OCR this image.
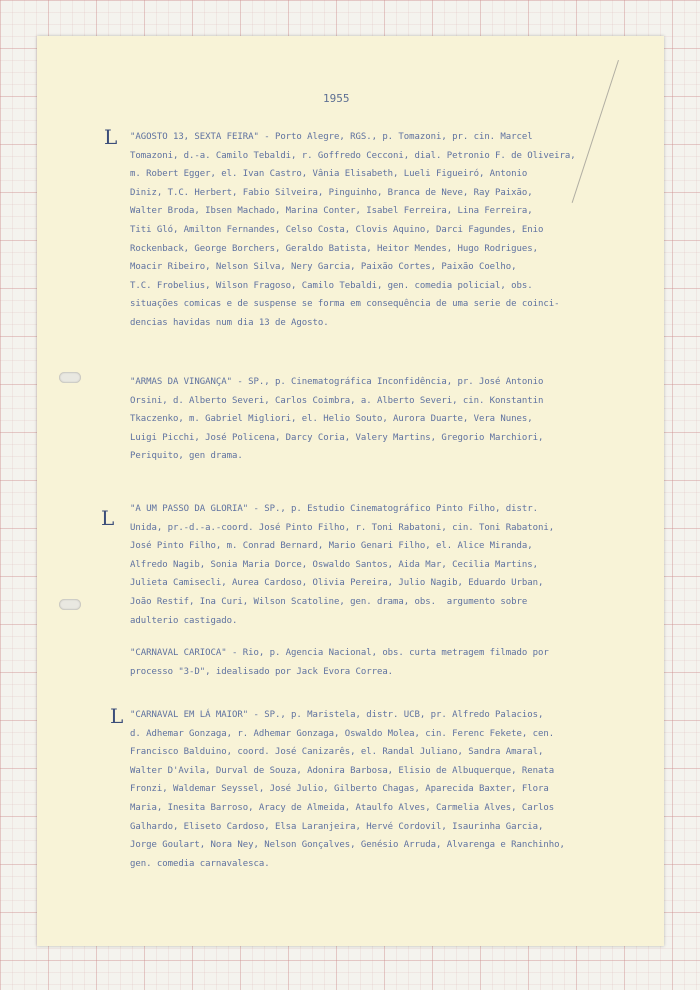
1955
L
L
L
"AGOSTO 13, SEXTA FEIRA" - Porto Alegre, RGS., p. Tomazoni, pr. cin. Marcel
Tomazoni, d.-a. Camilo Tebaldi, r. Goffredo Cecconi, dial. Petronio F. de Oliveira,
m. Robert Egger, el. Ivan Castro, Vânia Elisabeth, Lueli Figueiró, Antonio
Diniz, T.C. Herbert, Fabio Silveira, Pinguinho, Branca de Neve, Ray Paixão,
Walter Broda, Ibsen Machado, Marina Conter, Isabel Ferreira, Lina Ferreira,
Titi Gló, Amilton Fernandes, Celso Costa, Clovis Aquino, Darci Fagundes, Enio
Rockenback, George Borchers, Geraldo Batista, Heitor Mendes, Hugo Rodrigues,
Moacir Ribeiro, Nelson Silva, Nery Garcia, Paixão Cortes, Paixão Coelho,
T.C. Frobelius, Wilson Fragoso, Camilo Tebaldi, gen. comedia policial, obs.
situações comicas e de suspense se forma em consequência de uma serie de coinci-
dencias havidas num dia 13 de Agosto.
"ARMAS DA VINGANÇA" - SP., p. Cinematográfica Inconfidência, pr. José Antonio
Orsini, d. Alberto Severi, Carlos Coimbra, a. Alberto Severi, cin. Konstantin
Tkaczenko, m. Gabriel Migliori, el. Helio Souto, Aurora Duarte, Vera Nunes,
Luigi Picchi, José Policena, Darcy Coria, Valery Martins, Gregorio Marchiori,
Periquito, gen drama.
"A UM PASSO DA GLORIA" - SP., p. Estudio Cinematográfico Pinto Filho, distr.
Unida, pr.-d.-a.-coord. José Pinto Filho, r. Toni Rabatoni, cin. Toni Rabatoni,
José Pinto Filho, m. Conrad Bernard, Mario Genari Filho, el. Alice Miranda,
Alfredo Nagib, Sonia Maria Dorce, Oswaldo Santos, Aida Mar, Cecilia Martins,
Julieta Camisecli, Aurea Cardoso, Olivia Pereira, Julio Nagib, Eduardo Urban,
João Restif, Ina Curi, Wilson Scatoline, gen. drama, obs.  argumento sobre
adulterio castigado.
"CARNAVAL CARIOCA" - Rio, p. Agencia Nacional, obs. curta metragem filmado por
processo "3-D", idealisado por Jack Evora Correa.
"CARNAVAL EM LÁ MAIOR" - SP., p. Maristela, distr. UCB, pr. Alfredo Palacios,
d. Adhemar Gonzaga, r. Adhemar Gonzaga, Oswaldo Molea, cin. Ferenc Fekete, cen.
Francisco Balduino, coord. José Canizarês, el. Randal Juliano, Sandra Amaral,
Walter D'Avila, Durval de Souza, Adonira Barbosa, Elisio de Albuquerque, Renata
Fronzi, Waldemar Seyssel, José Julio, Gilberto Chagas, Aparecida Baxter, Flora
Maria, Inesita Barroso, Aracy de Almeida, Ataulfo Alves, Carmelia Alves, Carlos
Galhardo, Eliseto Cardoso, Elsa Laranjeira, Hervé Cordovil, Isaurinha Garcia,
Jorge Goulart, Nora Ney, Nelson Gonçalves, Genésio Arruda, Alvarenga e Ranchinho,
gen. comedia carnavalesca.
